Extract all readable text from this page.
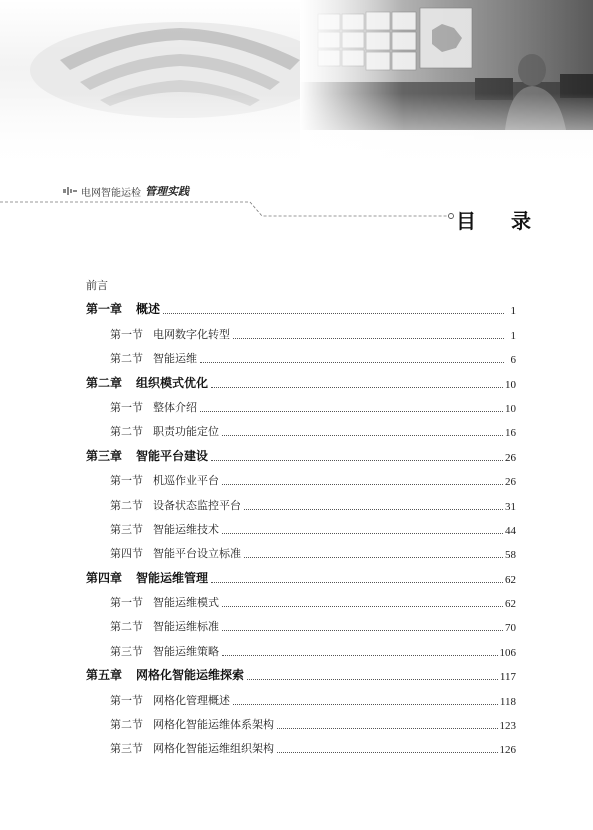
电网智能运检 管理实践
目 录
前言
第一章 概述	1
第一节 电网数字化转型	1
第二节 智能运维	6
第二章 组织模式优化	10
第一节 整体介绍	10
第二节 职责功能定位	16
第三章 智能平台建设	26
第一节 机巡作业平台	26
第二节 设备状态监控平台	31
第三节 智能运维技术	44
第四节 智能平台设立标准	58
第四章 智能运维管理	62
第一节 智能运维模式	62
第二节 智能运维标准	70
第三节 智能运维策略	106
第五章 网格化智能运维探索	117
第一节 网格化管理概述	118
第二节 网格化智能运维体系架构	123
第三节 网格化智能运维组织架构	126
